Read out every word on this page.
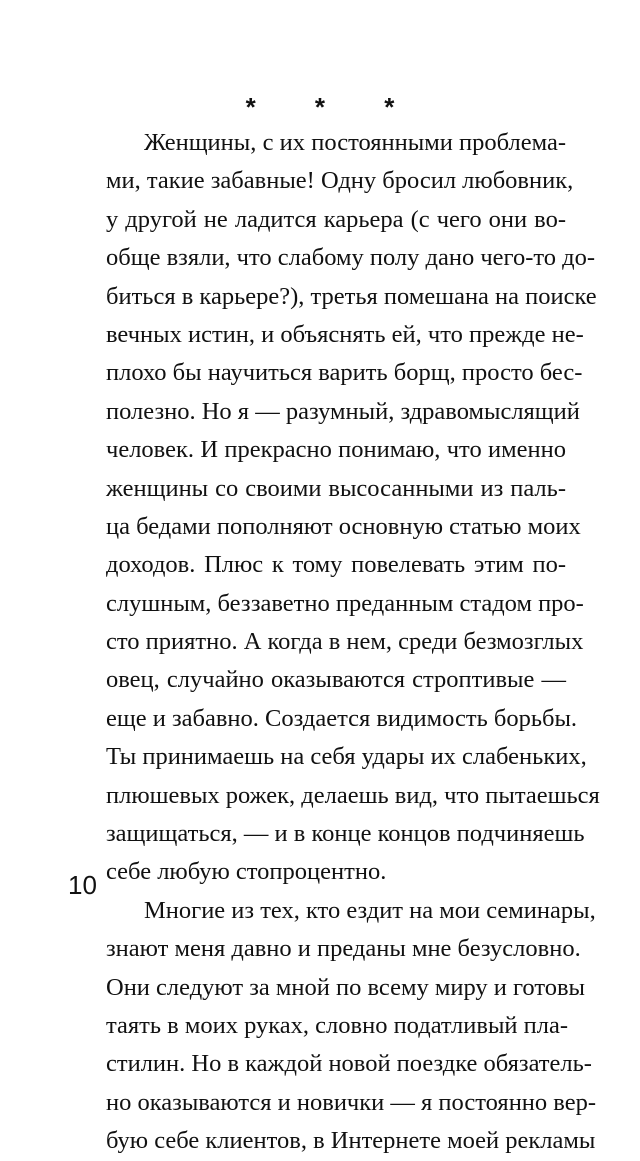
* * *
Женщины, с их постоянными проблема-
ми, такие забавные! Одну бросил любовник,
у другой не ладится карьера (с чего они во-
обще взяли, что слабому полу дано чего-то до-
биться в карьере?), третья помешана на поиске
вечных истин, и объяснять ей, что прежде не-
плохо бы научиться варить борщ, просто бес-
полезно. Но я — разумный, здравомыслящий
человек. И прекрасно понимаю, что именно
женщины со своими высосанными из паль-
ца бедами пополняют основную статью моих
доходов. Плюс к тому повелевать этим по-
слушным, беззаветно преданным стадом про-
сто приятно. А когда в нем, среди безмозглых
овец, случайно оказываются строптивые —
еще и забавно. Создается видимость борьбы.
Ты принимаешь на себя удары их слабеньких,
плюшевых рожек, делаешь вид, что пытаешься
защищаться, — и в конце концов подчиняешь
себе любую стопроцентно.
Многие из тех, кто ездит на мои семинары,
знают меня давно и преданы мне безусловно.
Они следуют за мной по всему миру и готовы
таять в моих руках, словно податливый пла-
стилин. Но в каждой новой поездке обязатель-
но оказываются и новички — я постоянно вер-
бую себе клиентов, в Интернете моей рекламы
10
